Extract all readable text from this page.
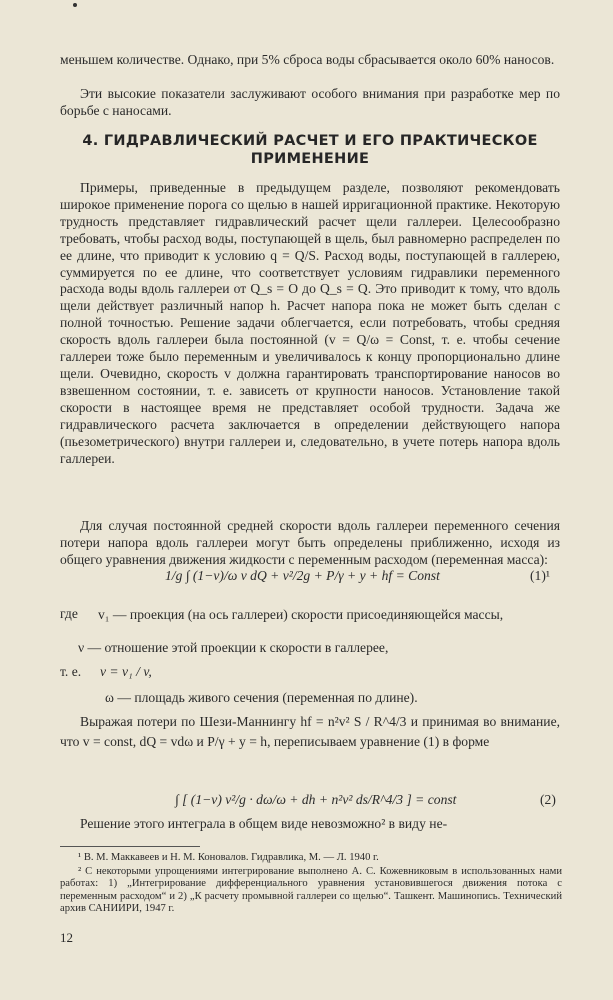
меньшем количестве. Однако, при 5% сброса воды сбрасывается около 60% наносов.
Эти высокие показатели заслуживают особого внимания при разработке мер по борьбе с наносами.
4. ГИДРАВЛИЧЕСКИЙ РАСЧЕТ И ЕГО ПРАКТИЧЕСКОЕ ПРИМЕНЕНИЕ
Примеры, приведенные в предыдущем разделе, позволяют рекомендовать широкое применение порога со щелью в нашей ирригационной практике. Некоторую трудность представляет гидравлический расчет щели галлереи. Целесообразно требовать, чтобы расход воды, поступающей в щель, был равномерно распределен по ее длине, что приводит к условию q = Q/S. Расход воды, поступающей в галлерею, суммируется по ее длине, что соответствует условиям гидравлики переменного расхода воды вдоль галлереи от Q_s = O до Q_s = Q. Это приводит к тому, что вдоль щели действует различный напор h. Расчет напора пока не может быть сделан с полной точностью. Решение задачи облегчается, если потребовать, чтобы средняя скорость вдоль галлереи была постоянной (v = Q/ω = Const, т. е. чтобы сечение галлереи тоже было переменным и увеличивалось к концу пропорционально длине щели. Очевидно, скорость v должна гарантировать транспортирование наносов во взвешенном состоянии, т. е. зависеть от крупности наносов. Установление такой скорости в настоящее время не представляет особой трудности. Задача же гидравлического расчета заключается в определении действующего напора (пьезометрического) внутри галлереи и, следовательно, в учете потерь напора вдоль галлереи.
Для случая постоянной средней скорости вдоль галлереи переменного сечения потери напора вдоль галлереи могут быть определены приближенно, исходя из общего уравнения движения жидкости с переменным расходом (переменная масса):
1/g ∫ (1−ν)/ω v dQ + v²/2g + P/γ + y + hf = Const	(1)¹
где v₁ — проекция (на ось галлереи) скорости присоединяющейся массы,
ν — отношение этой проекции к скорости в галлерее,
т. е. ν = v₁ / v,
ω — площадь живого сечения (переменная по длине).
Выражая потери по Шези-Маннингу hf = n²v² S / R^4/3 и принимая во внимание, что v = const, dQ = vdω и P/γ + y = h, переписываем уравнение (1) в форме
∫ [ (1−ν) v²/g · dω/ω + dh + n²v² ds/R^4/3 ] = const	(2)
Решение этого интеграла в общем виде невозможно² в виду не-
¹ В. М. Маккавеев и Н. М. Коновалов. Гидравлика, М. — Л. 1940 г.
² С некоторыми упрощениями интегрирование выполнено А. С. Кожевниковым в использованных нами работах: 1) „Интегрирование дифференциального уравнения установившегося движения потока с переменным расходом“ и 2) „К расчету промывной галлереи со щелью“. Ташкент. Машинопись. Технический архив САНИИРИ, 1947 г.
12
